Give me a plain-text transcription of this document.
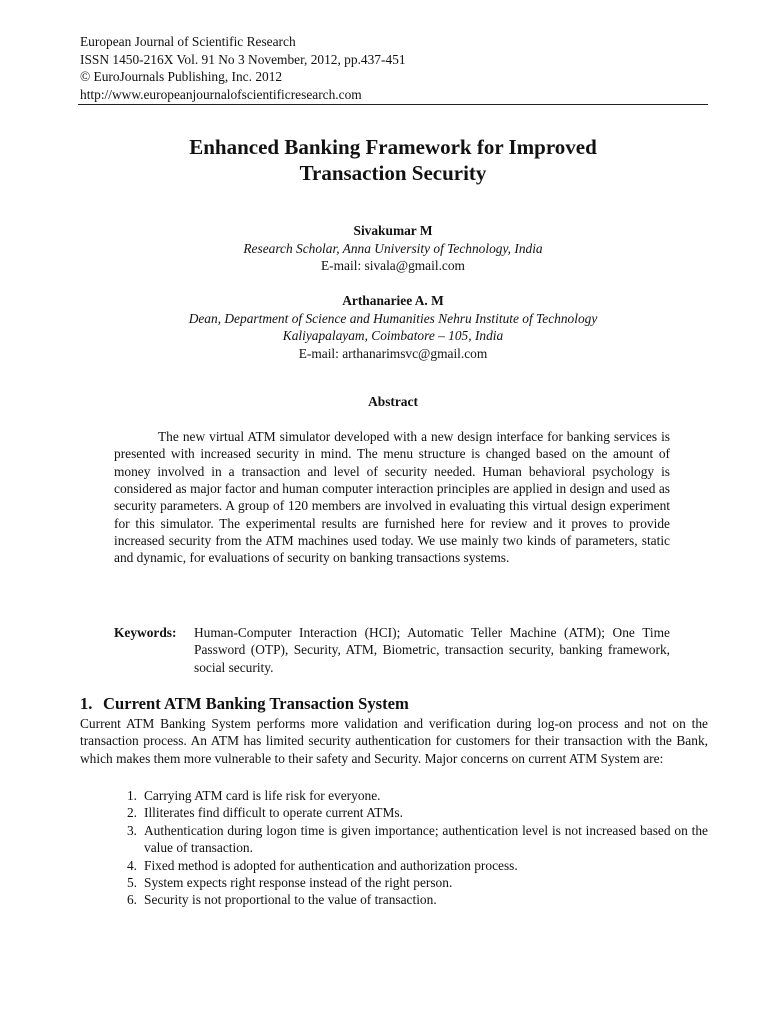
European Journal of Scientific Research
ISSN 1450-216X Vol. 91 No 3 November, 2012, pp.437-451
© EuroJournals Publishing, Inc. 2012
http://www.europeanjournalofscientificresearch.com
Enhanced Banking Framework for Improved
Transaction Security
Sivakumar M
Research Scholar, Anna University of Technology, India
E-mail: sivala@gmail.com
Arthanariee A. M
Dean, Department of Science and Humanities Nehru Institute of Technology
Kaliyapalayam, Coimbatore – 105, India
E-mail: arthanarimsvc@gmail.com
Abstract

The new virtual ATM simulator developed with a new design interface for banking services is presented with increased security in mind. The menu structure is changed based on the amount of money involved in a transaction and level of security needed. Human behavioral psychology is considered as major factor and human computer interaction principles are applied in design and used as security parameters. A group of 120 members are involved in evaluating this virtual design experiment for this simulator. The experimental results are furnished here for review and it proves to provide increased security from the ATM machines used today. We use mainly two kinds of parameters, static and dynamic, for evaluations of security on banking transactions systems.

Keywords:	Human-Computer Interaction (HCI); Automatic Teller Machine (ATM); One Time Password (OTP), Security, ATM, Biometric, transaction security, banking framework, social security.
1. Current ATM Banking Transaction System

Current ATM Banking System performs more validation and verification during log-on process and not on the transaction process. An ATM has limited security authentication for customers for their transaction with the Bank, which makes them more vulnerable to their safety and Security. Major concerns on current ATM System are:

1. Carrying ATM card is life risk for everyone.
2. Illiterates find difficult to operate current ATMs.
3. Authentication during logon time is given importance; authentication level is not increased based on the value of transaction.
4. Fixed method is adopted for authentication and authorization process.
5. System expects right response instead of the right person.
6. Security is not proportional to the value of transaction.
